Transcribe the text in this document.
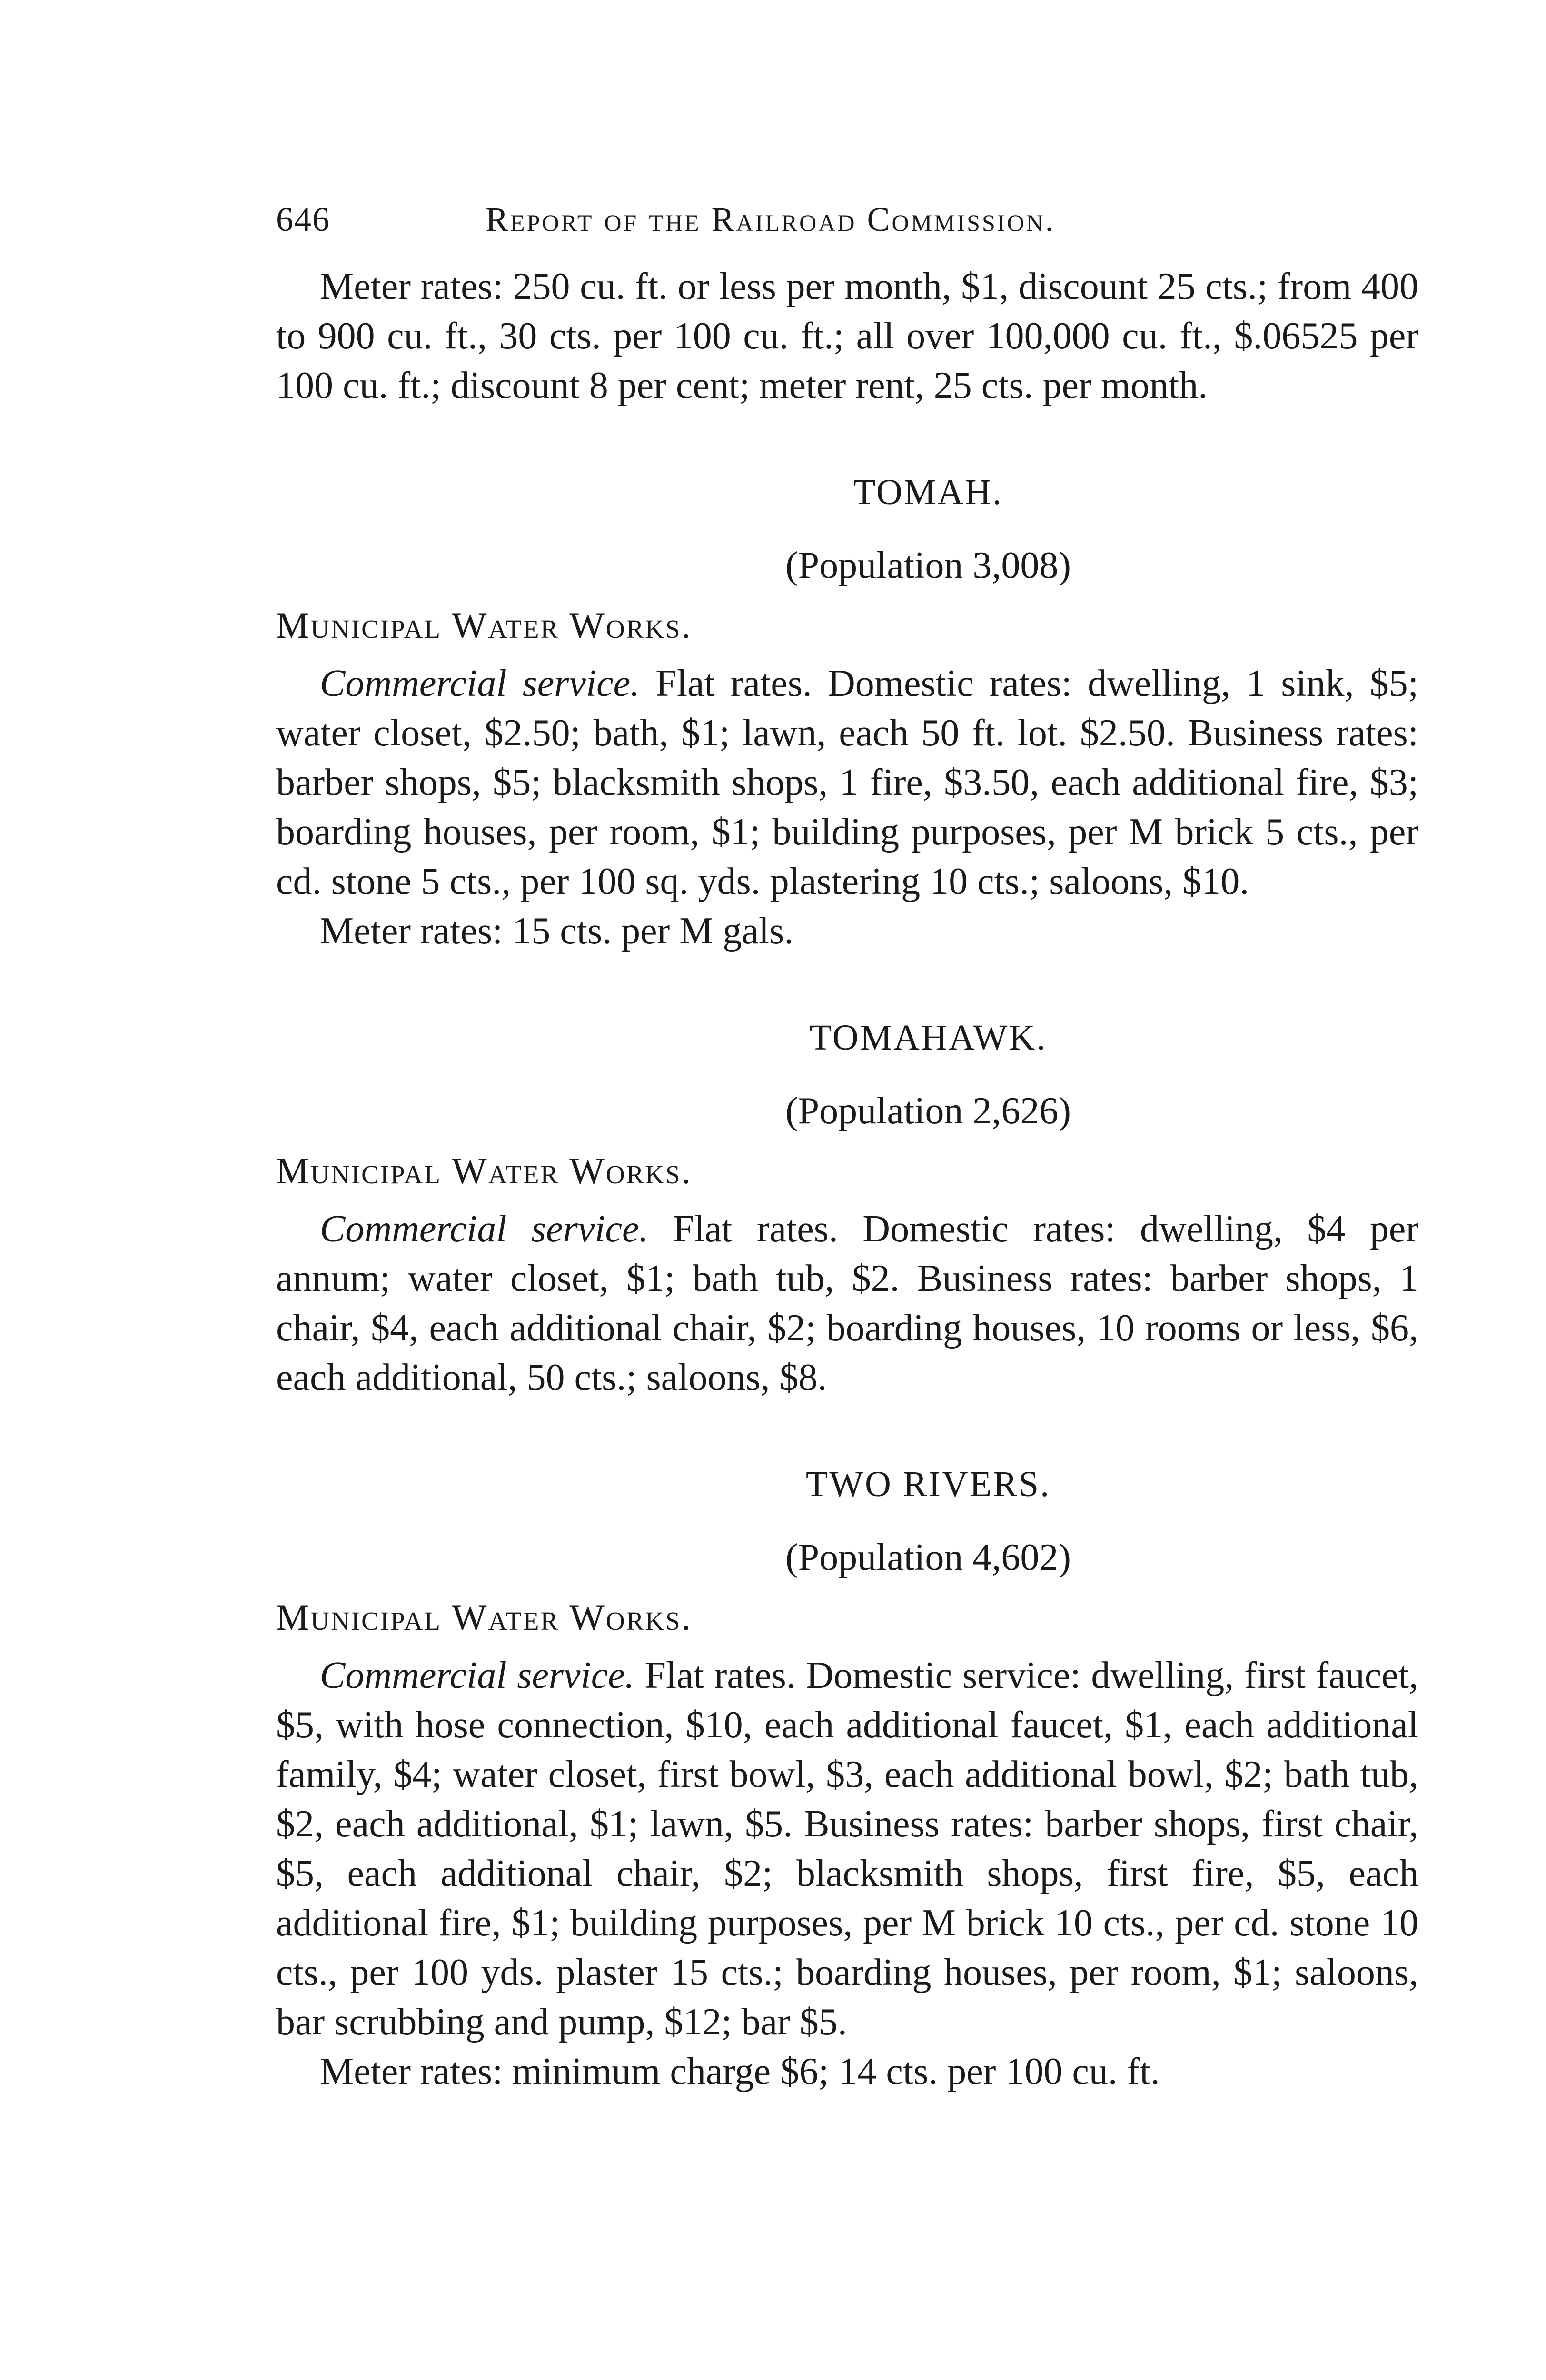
646	Report of the Railroad Commission.

Meter rates: 250 cu. ft. or less per month, $1, discount 25 cts.; from 400 to 900 cu. ft., 30 cts. per 100 cu. ft.; all over 100,000 cu. ft., $.06525 per 100 cu. ft.; discount 8 per cent; meter rent, 25 cts. per month.

TOMAH.

(Population 3,008)

Municipal Water Works.

Commercial service. Flat rates. Domestic rates: dwelling, 1 sink, $5; water closet, $2.50; bath, $1; lawn, each 50 ft. lot. $2.50. Business rates: barber shops, $5; blacksmith shops, 1 fire, $3.50, each additional fire, $3; boarding houses, per room, $1; building purposes, per M brick 5 cts., per cd. stone 5 cts., per 100 sq. yds. plastering 10 cts.; saloons, $10.

Meter rates: 15 cts. per M gals.

TOMAHAWK.

(Population 2,626)

Municipal Water Works.

Commercial service. Flat rates. Domestic rates: dwelling, $4 per annum; water closet, $1; bath tub, $2. Business rates: barber shops, 1 chair, $4, each additional chair, $2; boarding houses, 10 rooms or less, $6, each additional, 50 cts.; saloons, $8.

TWO RIVERS.

(Population 4,602)

Municipal Water Works.

Commercial service. Flat rates. Domestic service: dwelling, first faucet, $5, with hose connection, $10, each additional faucet, $1, each additional family, $4; water closet, first bowl, $3, each additional bowl, $2; bath tub, $2, each additional, $1; lawn, $5. Business rates: barber shops, first chair, $5, each additional chair, $2; blacksmith shops, first fire, $5, each additional fire, $1; building purposes, per M brick 10 cts., per cd. stone 10 cts., per 100 yds. plaster 15 cts.; boarding houses, per room, $1; saloons, bar scrubbing and pump, $12; bar $5.

Meter rates: minimum charge $6; 14 cts. per 100 cu. ft.
